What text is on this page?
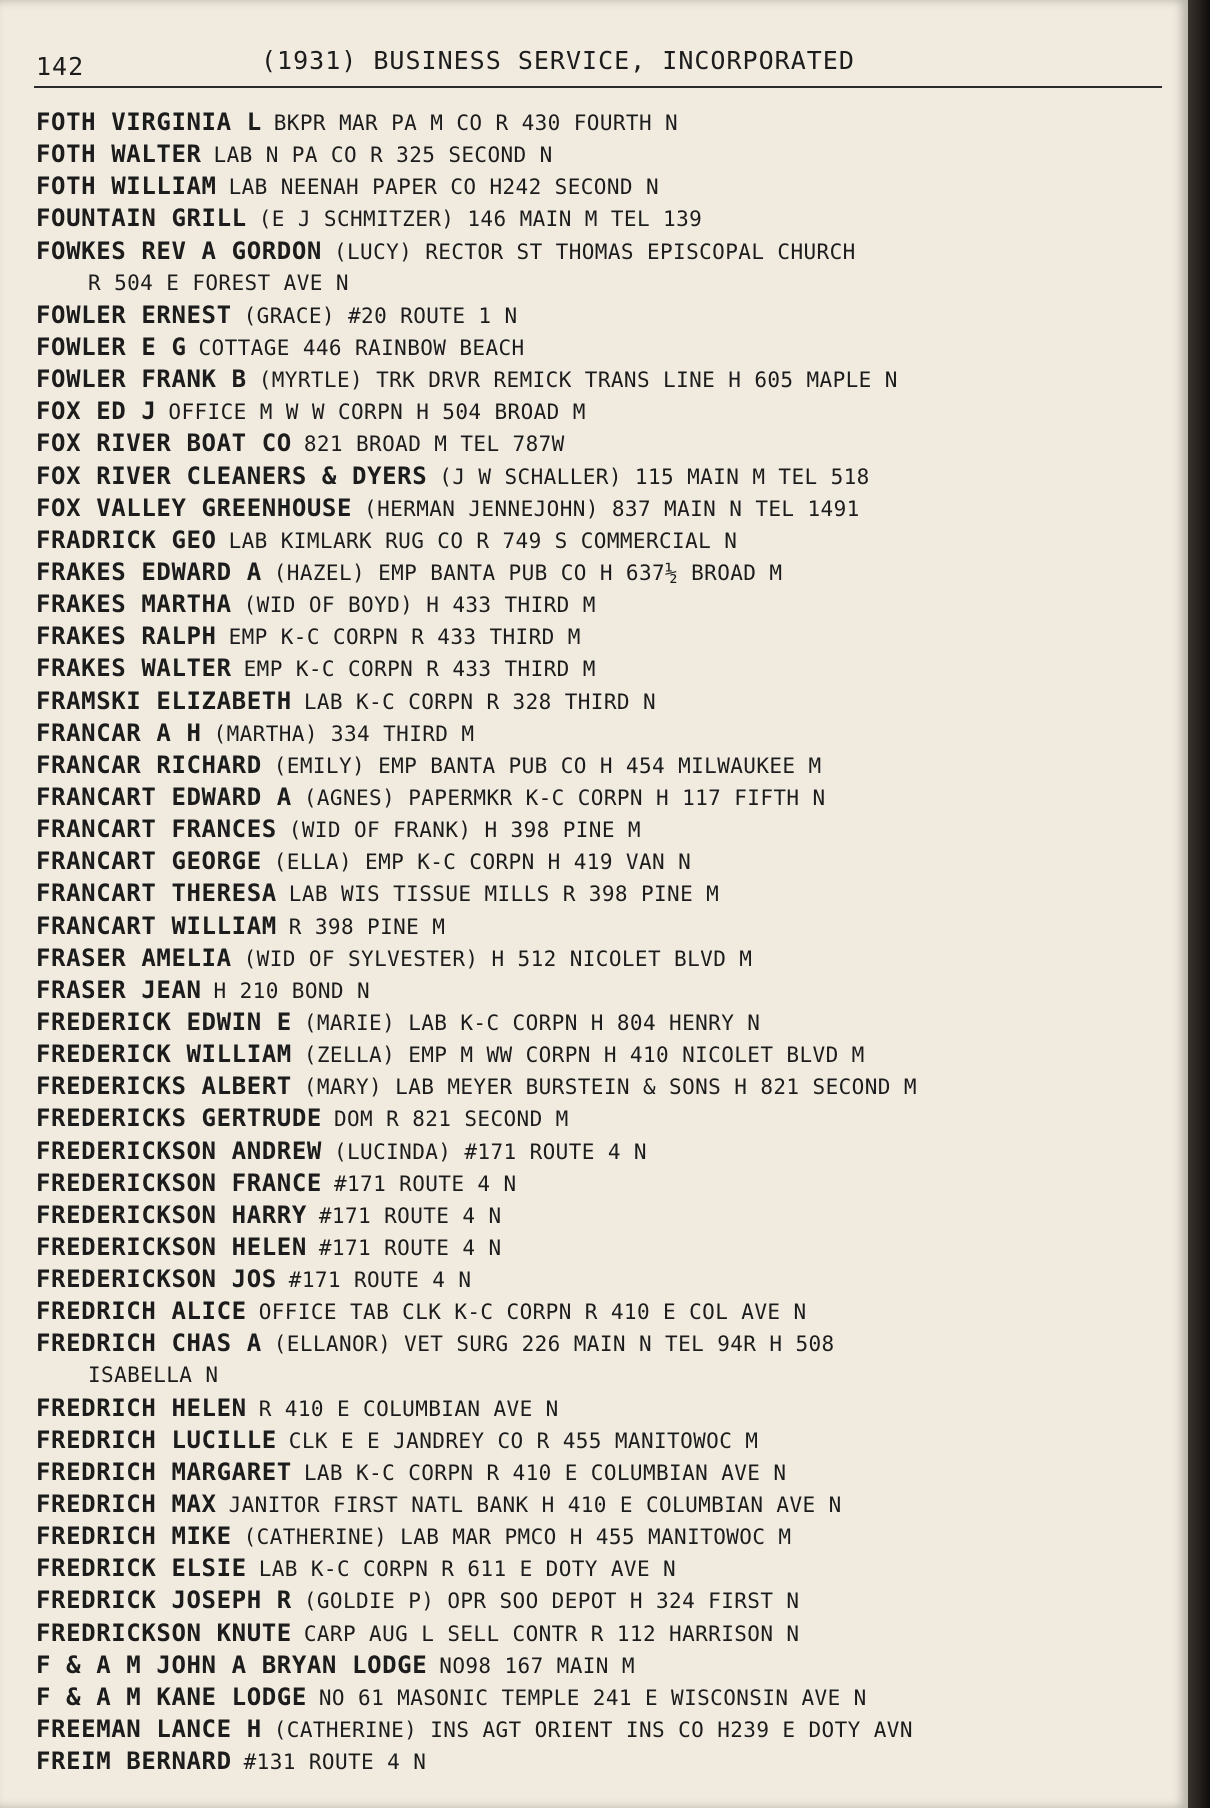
142	(1931) BUSINESS SERVICE, INCORPORATED
FOTH VIRGINIA L BKPR MAR PA M CO R 430 FOURTH N
FOTH WALTER LAB N PA CO R 325 SECOND N
FOTH WILLIAM LAB NEENAH PAPER CO H242 SECOND N
FOUNTAIN GRILL (E J SCHMITZER) 146 MAIN M TEL 139
FOWKES REV A GORDON (LUCY) RECTOR ST THOMAS EPISCOPAL CHURCH
R 504 E FOREST AVE N
FOWLER ERNEST (GRACE) #20 ROUTE 1 N
FOWLER E G COTTAGE 446 RAINBOW BEACH
FOWLER FRANK B (MYRTLE) TRK DRVR REMICK TRANS LINE H 605 MAPLE N
FOX ED J OFFICE M W W CORPN H 504 BROAD M
FOX RIVER BOAT CO 821 BROAD M TEL 787W
FOX RIVER CLEANERS & DYERS (J W SCHALLER) 115 MAIN M TEL 518
FOX VALLEY GREENHOUSE (HERMAN JENNEJOHN) 837 MAIN N TEL 1491
FRADRICK GEO LAB KIMLARK RUG CO R 749 S COMMERCIAL N
FRAKES EDWARD A (HAZEL) EMP BANTA PUB CO H 637½ BROAD M
FRAKES MARTHA (WID OF BOYD) H 433 THIRD M
FRAKES RALPH EMP K-C CORPN R 433 THIRD M
FRAKES WALTER EMP K-C CORPN R 433 THIRD M
FRAMSKI ELIZABETH LAB K-C CORPN R 328 THIRD N
FRANCAR A H (MARTHA) 334 THIRD M
FRANCAR RICHARD (EMILY) EMP BANTA PUB CO H 454 MILWAUKEE M
FRANCART EDWARD A (AGNES) PAPERMKR K-C CORPN H 117 FIFTH N
FRANCART FRANCES (WID OF FRANK) H 398 PINE M
FRANCART GEORGE (ELLA) EMP K-C CORPN H 419 VAN N
FRANCART THERESA LAB WIS TISSUE MILLS R 398 PINE M
FRANCART WILLIAM R 398 PINE M
FRASER AMELIA (WID OF SYLVESTER) H 512 NICOLET BLVD M
FRASER JEAN H 210 BOND N
FREDERICK EDWIN E (MARIE) LAB K-C CORPN H 804 HENRY N
FREDERICK WILLIAM (ZELLA) EMP M WW CORPN H 410 NICOLET BLVD M
FREDERICKS ALBERT (MARY) LAB MEYER BURSTEIN & SONS H 821 SECOND M
FREDERICKS GERTRUDE DOM R 821 SECOND M
FREDERICKSON ANDREW (LUCINDA) #171 ROUTE 4 N
FREDERICKSON FRANCE #171 ROUTE 4 N
FREDERICKSON HARRY #171 ROUTE 4 N
FREDERICKSON HELEN #171 ROUTE 4 N
FREDERICKSON JOS #171 ROUTE 4 N
FREDRICH ALICE OFFICE TAB CLK K-C CORPN R 410 E COL AVE N
FREDRICH CHAS A (ELLANOR) VET SURG 226 MAIN N TEL 94R H 508
ISABELLA N
FREDRICH HELEN R 410 E COLUMBIAN AVE N
FREDRICH LUCILLE CLK E E JANDREY CO R 455 MANITOWOC M
FREDRICH MARGARET LAB K-C CORPN R 410 E COLUMBIAN AVE N
FREDRICH MAX JANITOR FIRST NATL BANK H 410 E COLUMBIAN AVE N
FREDRICH MIKE (CATHERINE) LAB MAR PMCO H 455 MANITOWOC M
FREDRICK ELSIE LAB K-C CORPN R 611 E DOTY AVE N
FREDRICK JOSEPH R (GOLDIE P) OPR SOO DEPOT H 324 FIRST N
FREDRICKSON KNUTE CARP AUG L SELL CONTR R 112 HARRISON N
F & A M JOHN A BRYAN LODGE NO98 167 MAIN M
F & A M KANE LODGE NO 61 MASONIC TEMPLE 241 E WISCONSIN AVE N
FREEMAN LANCE H (CATHERINE) INS AGT ORIENT INS CO H239 E DOTY AVN
FREIM BERNARD #131 ROUTE 4 N
